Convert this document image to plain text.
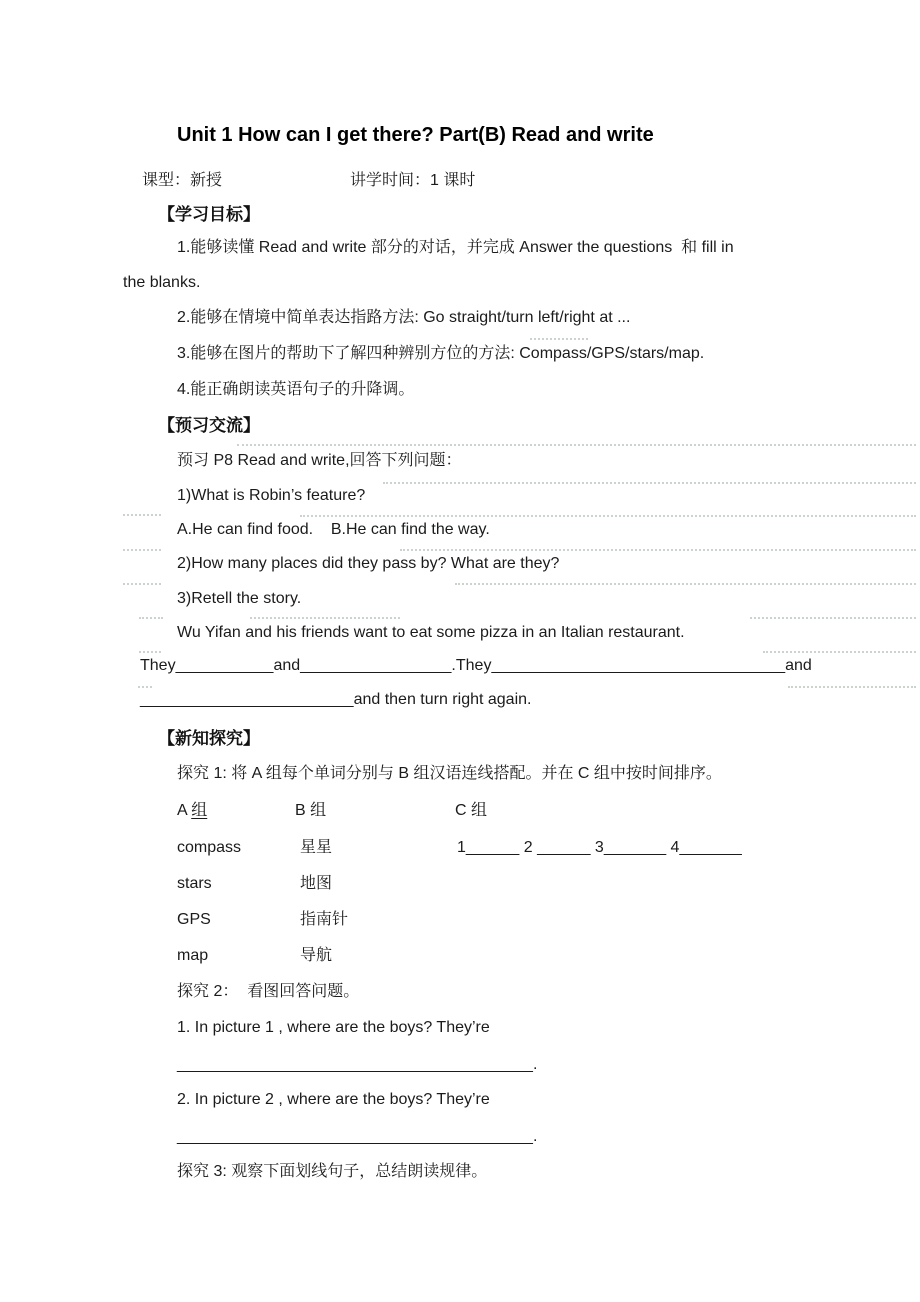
Unit 1 How can I get there? Part(B) Read and write
课型：新授	讲学时间：1 课时
【学习目标】
1.能够读懂 Read and write 部分的对话，并完成 Answer the questions  和 fill in
the blanks.
2.能够在情境中简单表达指路方法: Go straight/turn left/right at ...
3.能够在图片的帮助下了解四种辨别方位的方法: Compass/GPS/stars/map.
4.能正确朗读英语句子的升降调。
【预习交流】
预习 P8 Read and write,回答下列问题：
1)What is Robin’s feature?
A.He can find food.    B.He can find the way.
2)How many places did they pass by? What are they?
3)Retell the story.
Wu Yifan and his friends want to eat some pizza in an Italian restaurant.
They___________and_________________.They_________________________________and
________________________and then turn right again.
【新知探究】
探究 1: 将 A 组每个单词分别与 B 组汉语连线搭配。并在 C 组中按时间排序。
A 组	B 组	C 组
compass	星星	1______ 2 ______ 3_______ 4_______
stars	地图
GPS	指南针
map	导航
探究 2：  看图回答问题。
1. In picture 1 , where are the boys? They’re
________________________________________.
2. In picture 2 , where are the boys? They’re
________________________________________.
探究 3: 观察下面划线句子，总结朗读规律。
